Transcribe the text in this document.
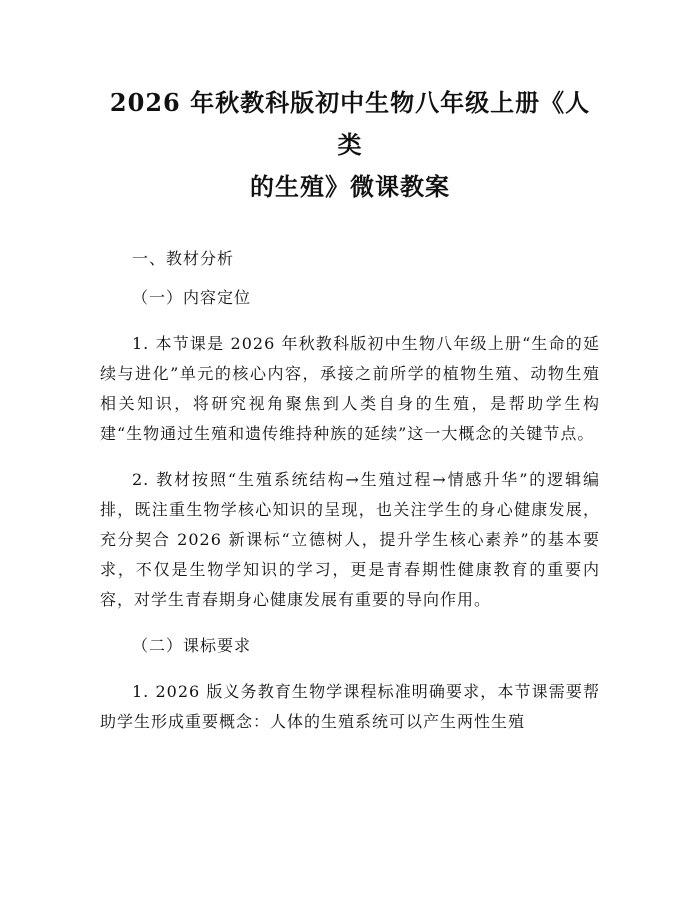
2026 年秋教科版初中生物八年级上册《人类
的生殖》微课教案
一、教材分析
（一）内容定位

1. 本节课是 2026 年秋教科版初中生物八年级上册“生命的延续与进化”单元的核心内容，承接之前所学的植物生殖、动物生殖相关知识，将研究视角聚焦到人类自身的生殖，是帮助学生构建“生物通过生殖和遗传维持种族的延续”这一大概念的关键节点。

2. 教材按照“生殖系统结构→生殖过程→情感升华”的逻辑编排，既注重生物学核心知识的呈现，也关注学生的身心健康发展，充分契合 2026 新课标“立德树人，提升学生核心素养”的基本要求，不仅是生物学知识的学习，更是青春期性健康教育的重要内容，对学生青春期身心健康发展有重要的导向作用。

（二）课标要求

1. 2026 版义务教育生物学课程标准明确要求，本节课需要帮助学生形成重要概念：人体的生殖系统可以产生两性生殖
